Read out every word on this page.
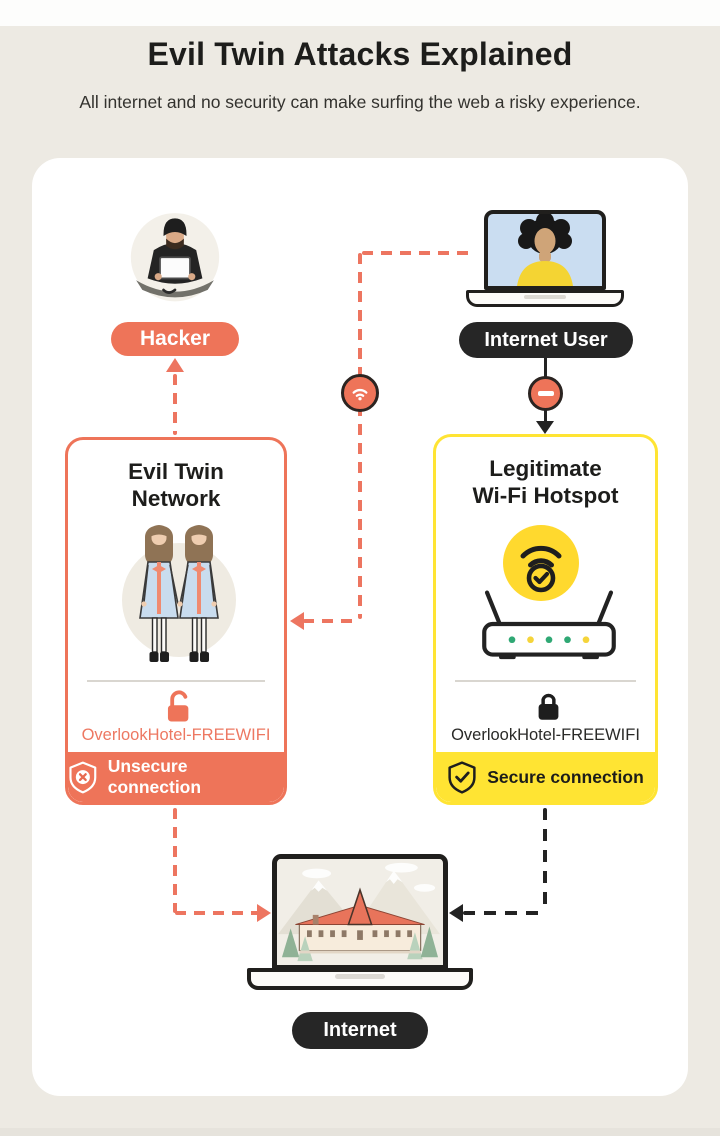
Evil Twin Attacks Explained
All internet and no security can make surfing the web a risky experience.
Hacker	Internet User
Evil Twin
Network
OverlookHotel-FREEWIFI
Unsecure connection
Legitimate
Wi-Fi Hotspot
OverlookHotel-FREEWIFI
Secure connection
Internet
